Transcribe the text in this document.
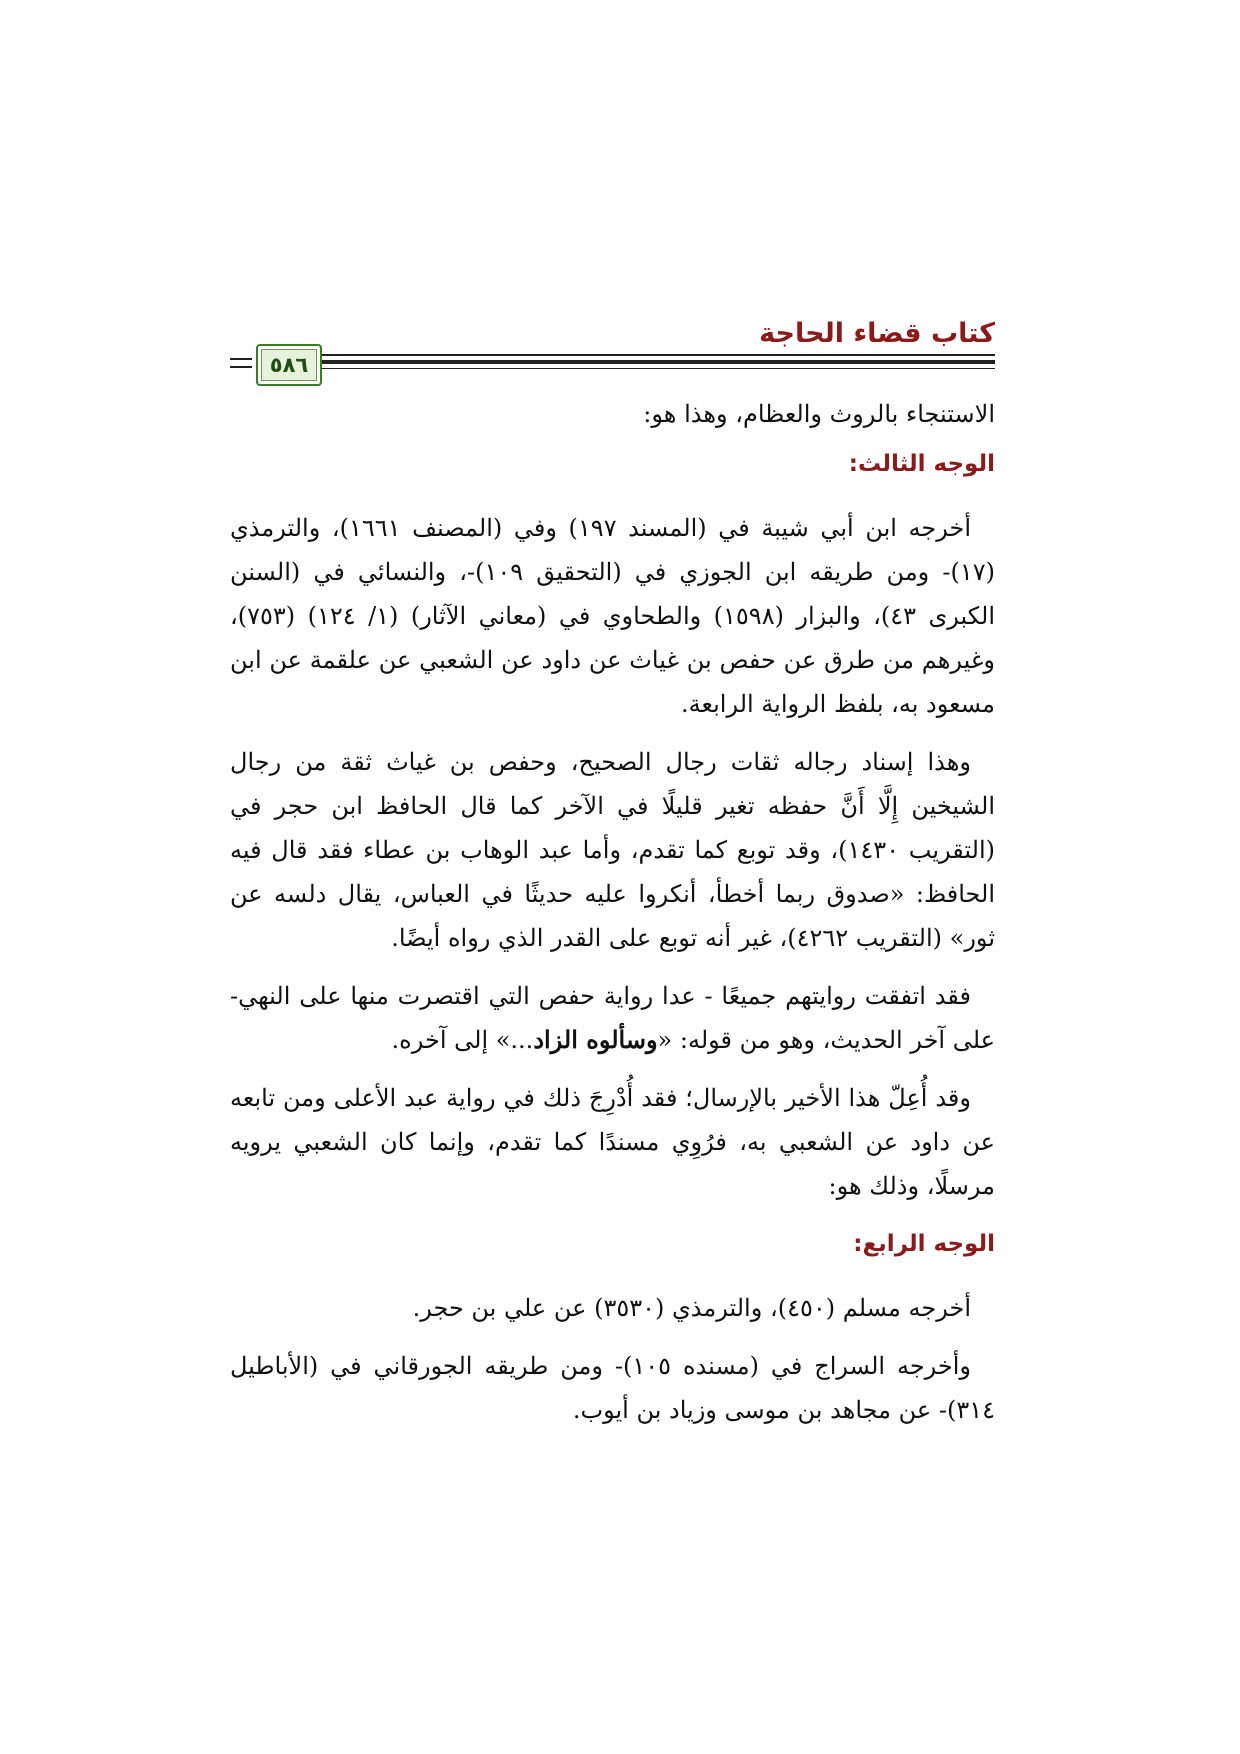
كتاب قضاء الحاجة
٥٨٦

الاستنجاء بالروث والعظام، وهذا هو:

الوجه الثالث:

أخرجه ابن أبي شيبة في (المسند ١٩٧) وفي (المصنف ١٦٦١)، والترمذي (١٧)- ومن طريقه ابن الجوزي في (التحقيق ١٠٩)-، والنسائي في (السنن الكبرى ٤٣)، والبزار (١٥٩٨) والطحاوي في (معاني الآثار) (١/ ١٢٤) (٧٥٣)، وغيرهم من طرق عن حفص بن غياث عن داود عن الشعبي عن علقمة عن ابن مسعود به، بلفظ الرواية الرابعة.

وهذا إسناد رجاله ثقات رجال الصحيح، وحفص بن غياث ثقة من رجال الشيخين إِلَّا أَنَّ حفظه تغير قليلًا في الآخر كما قال الحافظ ابن حجر في (التقريب ١٤٣٠)، وقد توبع كما تقدم، وأما عبد الوهاب بن عطاء فقد قال فيه الحافظ: «صدوق ربما أخطأ، أنكروا عليه حديثًا في العباس، يقال دلسه عن ثور» (التقريب ٤٢٦٢)، غير أنه توبع على القدر الذي رواه أيضًا.

فقد اتفقت روايتهم جميعًا - عدا رواية حفص التي اقتصرت منها على النهي- على آخر الحديث، وهو من قوله: «وسألوه الزاد...» إلى آخره.

وقد أُعِلّ هذا الأخير بالإرسال؛ فقد أُدْرِجَ ذلك في رواية عبد الأعلى ومن تابعه عن داود عن الشعبي به، فرُوِي مسندًا كما تقدم، وإنما كان الشعبي يرويه مرسلًا، وذلك هو:

الوجه الرابع:

أخرجه مسلم (٤٥٠)، والترمذي (٣٥٣٠) عن علي بن حجر.

وأخرجه السراج في (مسنده ١٠٥)- ومن طريقه الجورقاني في (الأباطيل ٣١٤)- عن مجاهد بن موسى وزياد بن أيوب.
